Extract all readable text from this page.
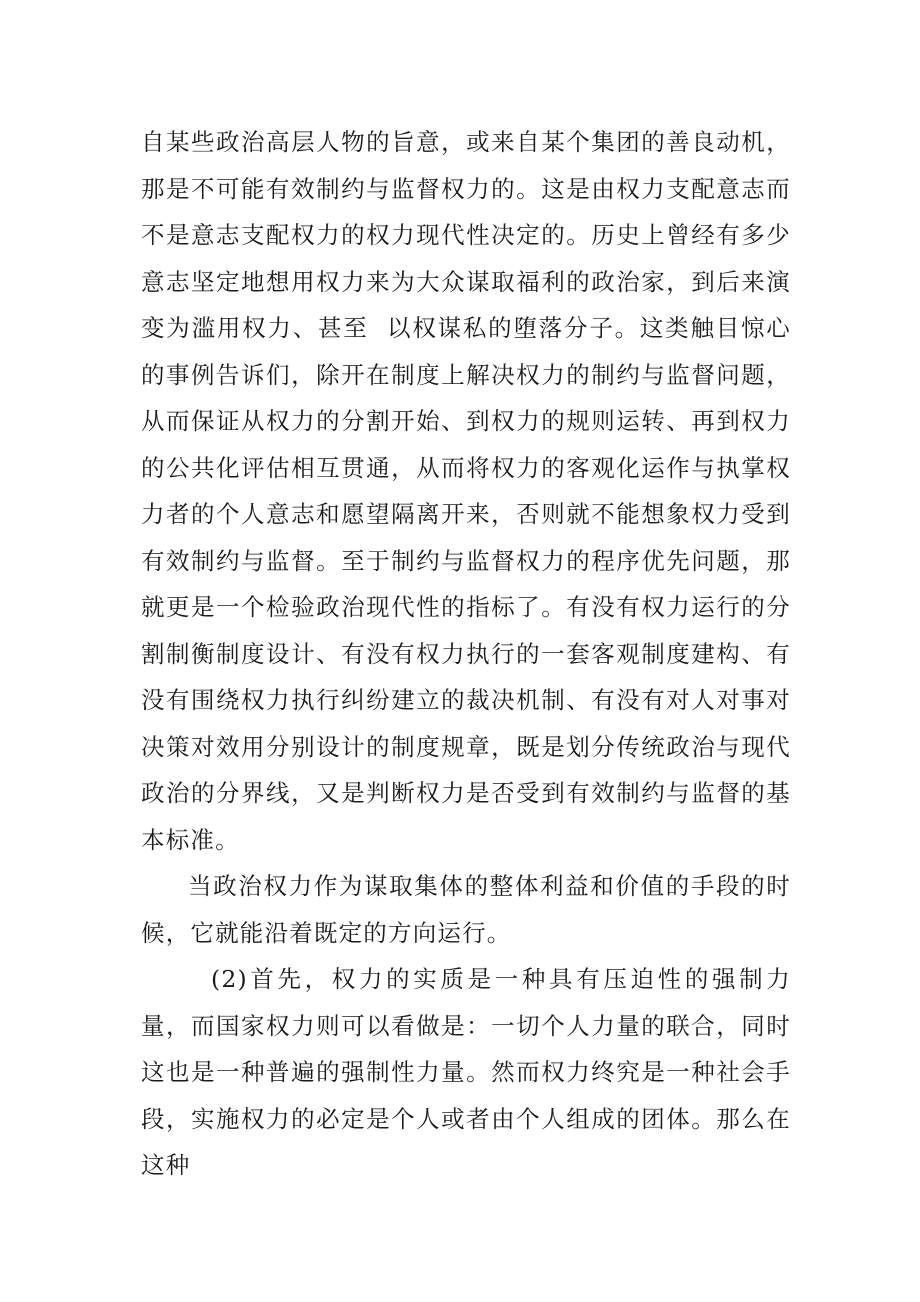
自某些政治高层人物的旨意，或来自某个集团的善良动机，那是不可能有效制约与监督权力的。这是由权力支配意志而不是意志支配权力的权力现代性决定的。历史上曾经有多少意志坚定地想用权力来为大众谋取福利的政治家，到后来演变为滥用权力、甚至  以权谋私的堕落分子。这类触目惊心的事例告诉们，除开在制度上解决权力的制约与监督问题，从而保证从权力的分割开始、到权力的规则运转、再到权力的公共化评估相互贯通，从而将权力的客观化运作与执掌权力者的个人意志和愿望隔离开来，否则就不能想象权力受到有效制约与监督。至于制约与监督权力的程序优先问题，那就更是一个检验政治现代性的指标了。有没有权力运行的分割制衡制度设计、有没有权力执行的一套客观制度建构、有没有围绕权力执行纠纷建立的裁决机制、有没有对人对事对决策对效用分别设计的制度规章，既是划分传统政治与现代政治的分界线，又是判断权力是否受到有效制约与监督的基本标准。

当政治权力作为谋取集体的整体利益和价值的手段的时候，它就能沿着既定的方向运行。

(2)首先，权力的实质是一种具有压迫性的强制力量，而国家权力则可以看做是：一切个人力量的联合，同时这也是一种普遍的强制性力量。然而权力终究是一种社会手段，实施权力的必定是个人或者由个人组成的团体。那么在这种
